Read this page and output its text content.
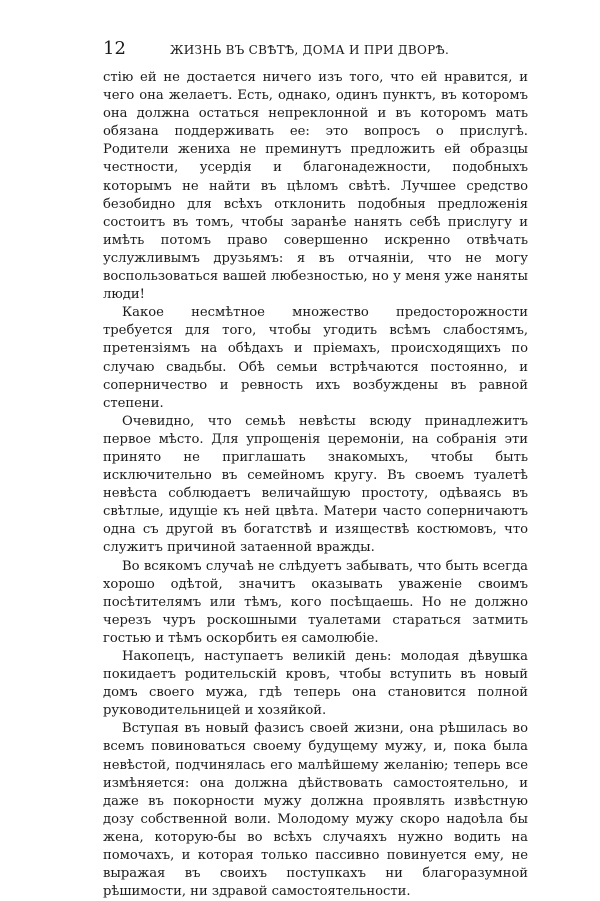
12	ЖИЗНЬ ВЪ СВѢТѢ, ДОМА И ПРИ ДВОРѢ.

стію ей не достается ничего изъ того, что ей нравится, и чего она желаетъ. Есть, однако, одинъ пунктъ, въ которомъ она должна остаться непреклонной и въ которомъ мать обязана поддерживать ее: это вопросъ о прислугѣ. Родители жениха не преминутъ предложить ей образцы честности, усердія и благонадежности, подобныхъ которымъ не найти въ цѣломъ свѣтѣ. Лучшее средство безобидно для всѣхъ отклонить подобныя предложенія состоитъ въ томъ, чтобы заранѣе нанять себѣ прислугу и имѣть потомъ право совершенно искренно отвѣчать услужливымъ друзьямъ: я въ отчаяніи, что не могу воспользоваться вашей любезностью, но у меня уже наняты люди!

Какое несмѣтное множество предосторожности требуется для того, чтобы угодить всѣмъ слабостямъ, претензіямъ на обѣдахъ и пріемахъ, происходящихъ по случаю свадьбы. Обѣ семьи встрѣчаются постоянно, и соперничество и ревность ихъ возбуждены въ равной степени.

Очевидно, что семьѣ невѣсты всюду принадлежитъ первое мѣсто. Для упрощенія церемоніи, на собранія эти принято не приглашать знакомыхъ, чтобы быть исключительно въ семейномъ кругу. Въ своемъ туалетѣ невѣста соблюдаетъ величайшую простоту, одѣваясь въ свѣтлые, идущіе къ ней цвѣта. Матери часто соперничаютъ одна съ другой въ богатствѣ и изяществѣ костюмовъ, что служитъ причиной затаенной вражды.

Во всякомъ случаѣ не слѣдуетъ забывать, что быть всегда хорошо одѣтой, значитъ оказывать уваженіе своимъ посѣтителямъ или тѣмъ, кого посѣщаешь. Но не должно черезъ чуръ роскошными туалетами стараться затмить гостью и тѣмъ оскорбить ея самолюбіе.

Накопецъ, наступаетъ великій день: молодая дѣвушка покидаетъ родительскій кровъ, чтобы вступить въ новый домъ своего мужа, гдѣ теперь она становится полной руководительницей и хозяйкой.

Вступая въ новый фазисъ своей жизни, она рѣшилась во всемъ повиноваться своему будущему мужу, и, пока была невѣстой, подчинялась его малѣйшему желанію; теперь все измѣняется: она должна дѣйствовать самостоятельно, и даже въ покорности мужу должна проявлять извѣстную дозу собственной воли. Молодому мужу скоро надоѣла бы жена, которую-бы во всѣхъ случаяхъ нужно водить на помочахъ, и которая только пассивно повинуется ему, не выражая въ своихъ поступкахъ ни благоразумной рѣшимости, ни здравой самостоятельности.
